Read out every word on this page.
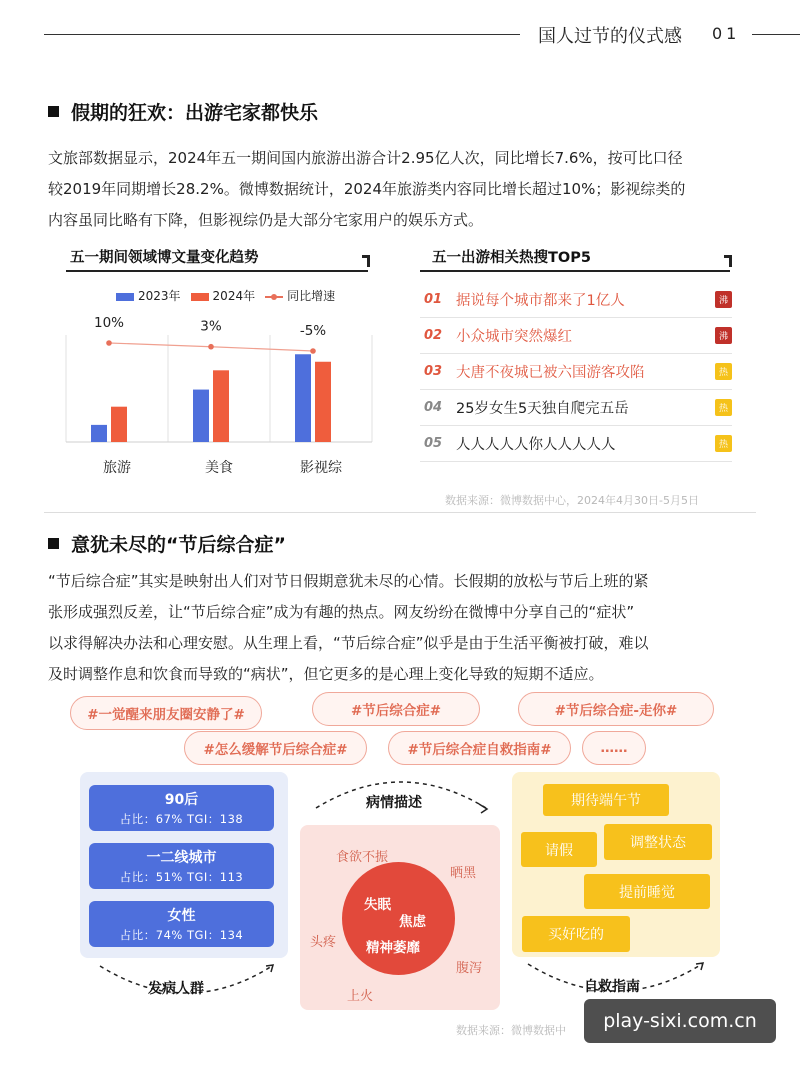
国人过节的仪式感 01
假期的狂欢：出游宅家都快乐
文旅部数据显示，2024年五一期间国内旅游出游合计2.95亿人次，同比增长7.6%，按可比口径
较2019年同期增长28.2%。微博数据统计，2024年旅游类内容同比增长超过10%；影视综类的
内容虽同比略有下降，但影视综仍是大部分宅家用户的娱乐方式。
五一期间领域博文量变化趋势
2023年	2024年	同比增速
旅游	美食	影视综
10%	3%	-5%
五一出游相关热搜TOP5
01 据说每个城市都来了1亿人	沸
02 小众城市突然爆红	沸
03 大唐不夜城已被六国游客攻陷	热
04 25岁女生5天独自爬完五岳	热
05 人人人人人你人人人人人	热
数据来源：微博数据中心，2024年4月30日-5月5日
意犹未尽的“节后综合症”
“节后综合症”其实是映射出人们对节日假期意犹未尽的心情。长假期的放松与节后上班的紧
张形成强烈反差，让“节后综合症”成为有趣的热点。网友纷纷在微博中分享自己的“症状”
以求得解决办法和心理安慰。从生理上看，“节后综合症”似乎是由于生活平衡被打破，难以
及时调整作息和饮食而导致的“病状”，但它更多的是心理上变化导致的短期不适应。
#一觉醒来朋友圈安静了#	#节后综合症#	#节后综合症-走你#
#怎么缓解节后综合症#	#节后综合症自救指南#	……
90后
占比：67% TGI：138
一二线城市
占比：51% TGI：113
女性
占比：74% TGI：134
发病人群
病情描述
失眠
焦虑
精神萎靡
食欲不振
晒黑
头疼
腹泻
上火
期待端午节
请假	调整状态
提前睡觉
买好吃的
自救指南
数据来源：微博数据中	play-sixi.com.cn
